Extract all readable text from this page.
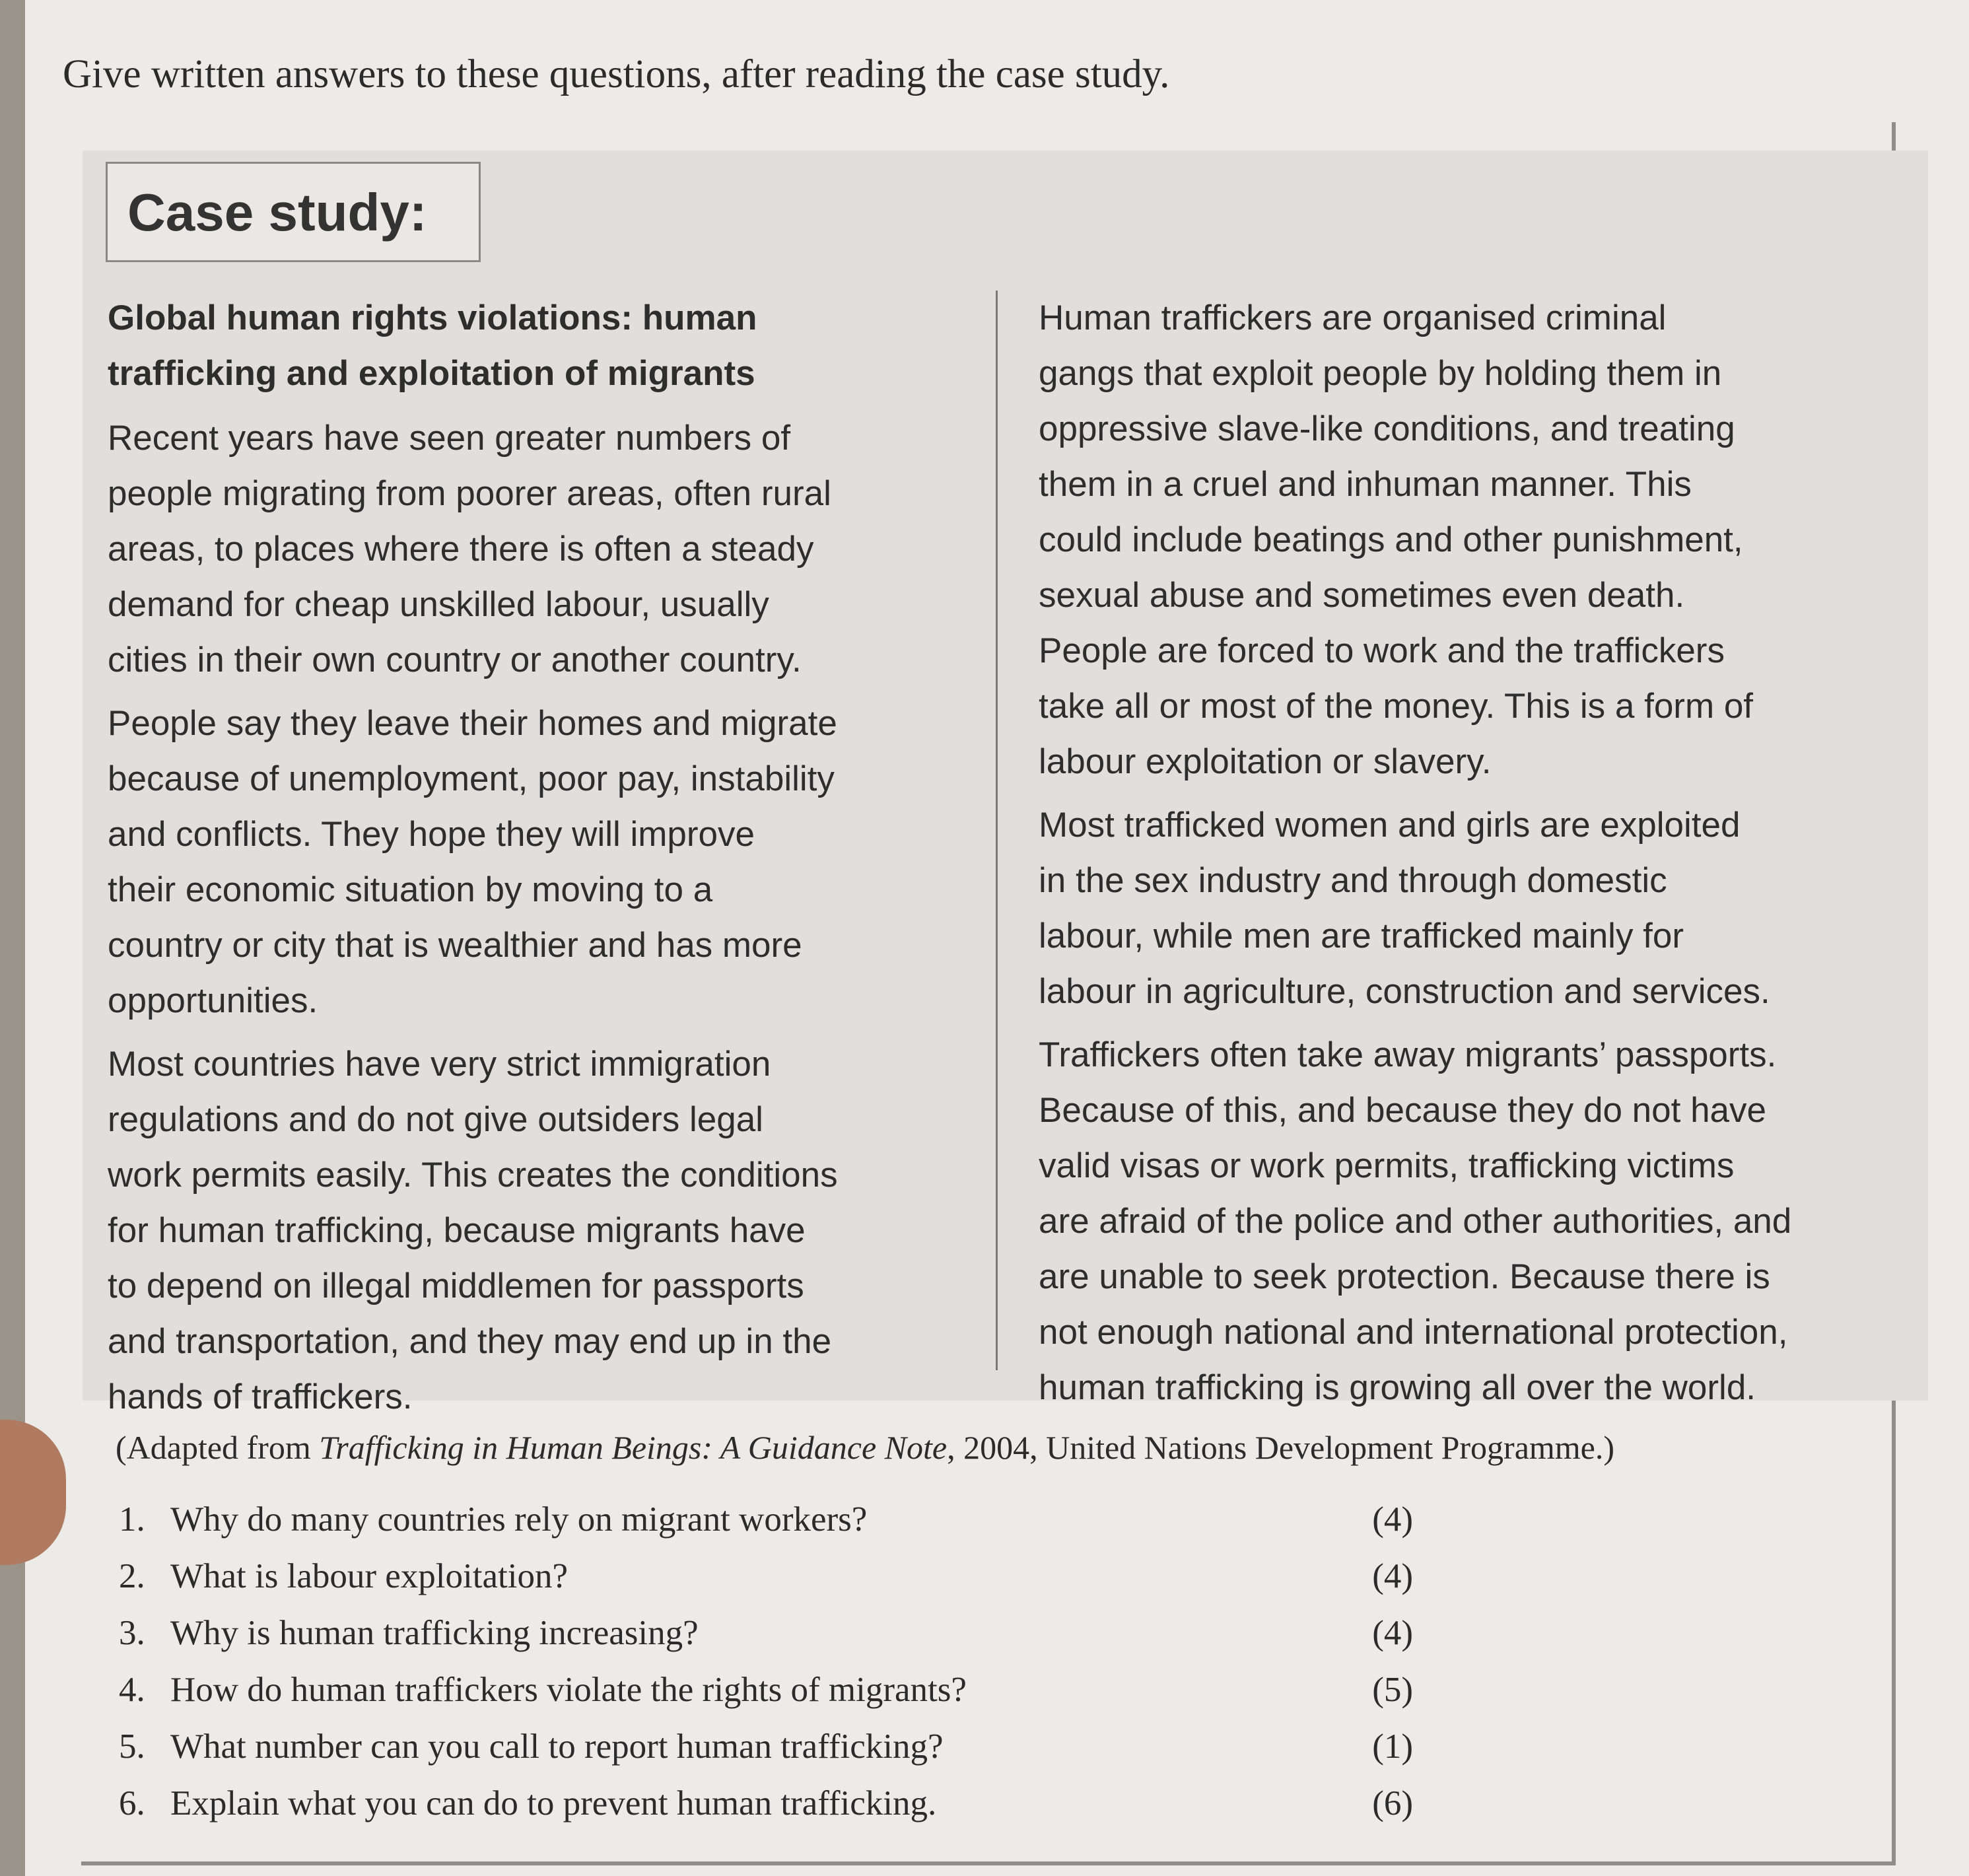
Give written answers to these questions, after reading the case study.

Case study:

Global human rights violations: human
trafficking and exploitation of migrants

Recent years have seen greater numbers of
people migrating from poorer areas, often rural
areas, to places where there is often a steady
demand for cheap unskilled labour, usually
cities in their own country or another country.

People say they leave their homes and migrate
because of unemployment, poor pay, instability
and conflicts. They hope they will improve
their economic situation by moving to a
country or city that is wealthier and has more
opportunities.

Most countries have very strict immigration
regulations and do not give outsiders legal
work permits easily. This creates the conditions
for human trafficking, because migrants have
to depend on illegal middlemen for passports
and transportation, and they may end up in the
hands of traffickers.

Human traffickers are organised criminal
gangs that exploit people by holding them in
oppressive slave-like conditions, and treating
them in a cruel and inhuman manner. This
could include beatings and other punishment,
sexual abuse and sometimes even death.
People are forced to work and the traffickers
take all or most of the money. This is a form of
labour exploitation or slavery.

Most trafficked women and girls are exploited
in the sex industry and through domestic
labour, while men are trafficked mainly for
labour in agriculture, construction and services.

Traffickers often take away migrants’ passports.
Because of this, and because they do not have
valid visas or work permits, trafficking victims
are afraid of the police and other authorities, and
are unable to seek protection. Because there is
not enough national and international protection,
human trafficking is growing all over the world.

(Adapted from Trafficking in Human Beings: A Guidance Note, 2004, United Nations Development Programme.)

1. Why do many countries rely on migrant workers?	(4)
2. What is labour exploitation?	(4)
3. Why is human trafficking increasing?	(4)
4. How do human traffickers violate the rights of migrants?	(5)
5. What number can you call to report human trafficking?	(1)
6. Explain what you can do to prevent human trafficking.	(6)
